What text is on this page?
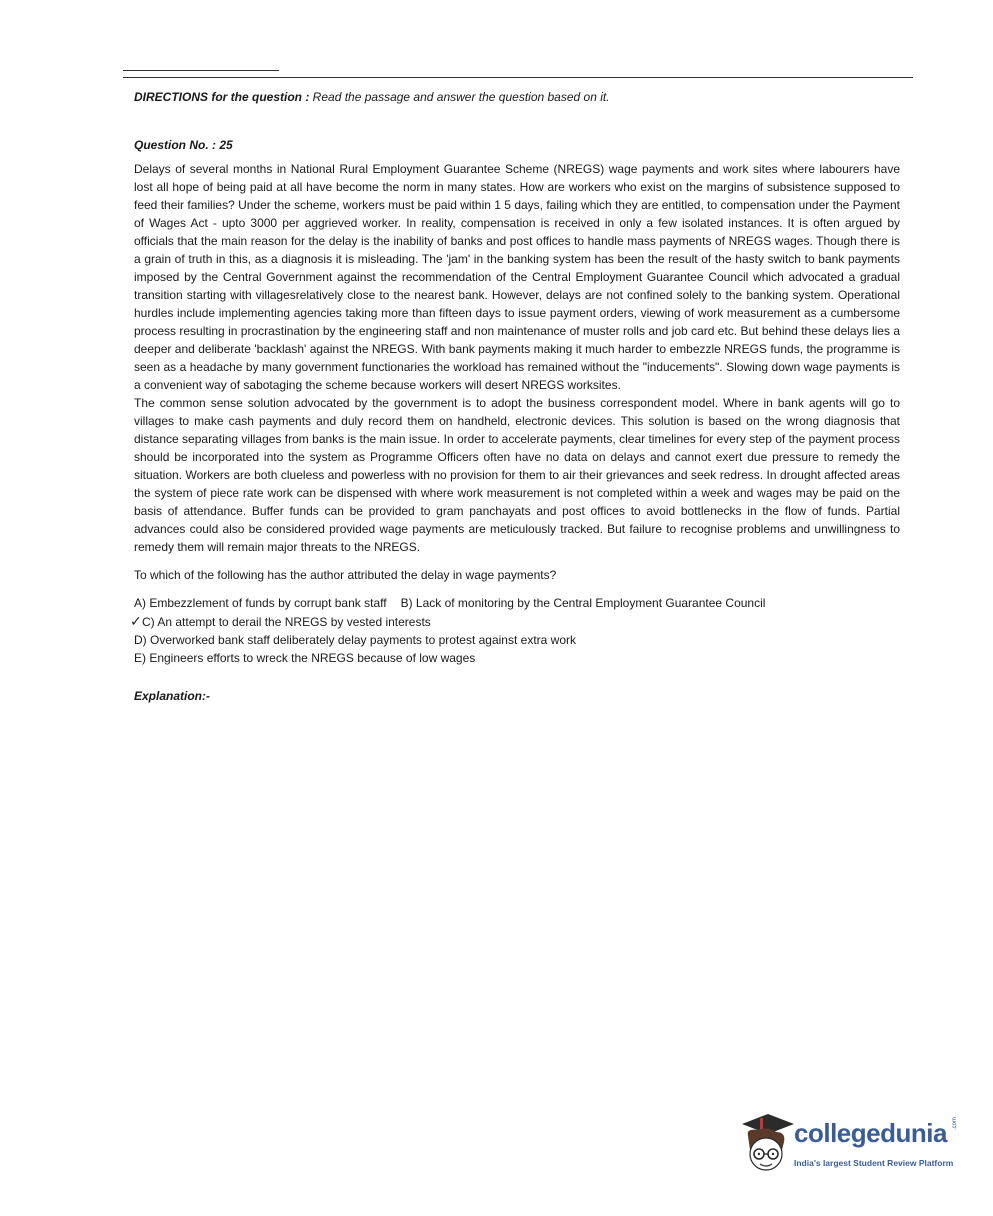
DIRECTIONS for the question : Read the passage and answer the question based on it.

Question No. : 25

Delays of several months in National Rural Employment Guarantee Scheme (NREGS) wage payments and work sites where labourers have lost all hope of being paid at all have become the norm in many states. How are workers who exist on the margins of subsistence supposed to feed their families? Under the scheme, workers must be paid within 1 5 days, failing which they are entitled, to compensation under the Payment of Wages Act - upto 3000 per aggrieved worker. In reality, compensation is received in only a few isolated instances. It is often argued by officials that the main reason for the delay is the inability of banks and post offices to handle mass payments of NREGS wages. Though there is a grain of truth in this, as a diagnosis it is misleading. The 'jam' in the banking system has been the result of the hasty switch to bank payments imposed by the Central Government against the recommendation of the Central Employment Guarantee Council which advocated a gradual transition starting with villagesrelatively close to the nearest bank. However, delays are not confined solely to the banking system. Operational hurdles include implementing agencies taking more than fifteen days to issue payment orders, viewing of work measurement as a cumbersome process resulting in procrastination by the engineering staff and non maintenance of muster rolls and job card etc. But behind these delays lies a deeper and deliberate 'backlash' against the NREGS. With bank payments making it much harder to embezzle NREGS funds, the programme is seen as a headache by many government functionaries the workload has remained without the "inducements". Slowing down wage payments is a convenient way of sabotaging the scheme because workers will desert NREGS worksites.

The common sense solution advocated by the government is to adopt the business correspondent model. Where in bank agents will go to villages to make cash payments and duly record them on handheld, electronic devices. This solution is based on the wrong diagnosis that distance separating villages from banks is the main issue. In order to accelerate payments, clear timelines for every step of the payment process should be incorporated into the system as Programme Officers often have no data on delays and cannot exert due pressure to remedy the situation. Workers are both clueless and powerless with no provision for them to air their grievances and seek redress. In drought affected areas the system of piece rate work can be dispensed with where work measurement is not completed within a week and wages may be paid on the basis of attendance. Buffer funds can be provided to gram panchayats and post offices to avoid bottlenecks in the flow of funds. Partial advances could also be considered provided wage payments are meticulously tracked. But failure to recognise problems and unwillingness to remedy them will remain major threats to the NREGS.

To which of the following has the author attributed the delay in wage payments?

A) Embezzlement of funds by corrupt bank staff B) Lack of monitoring by the Central Employment Guarantee Council

✓C) An attempt to derail the NREGS by vested interests

D) Overworked bank staff deliberately delay payments to protest against extra work

E) Engineers efforts to wreck the NREGS because of low wages

Explanation:-

collegedunia .com
India's largest Student Review Platform
